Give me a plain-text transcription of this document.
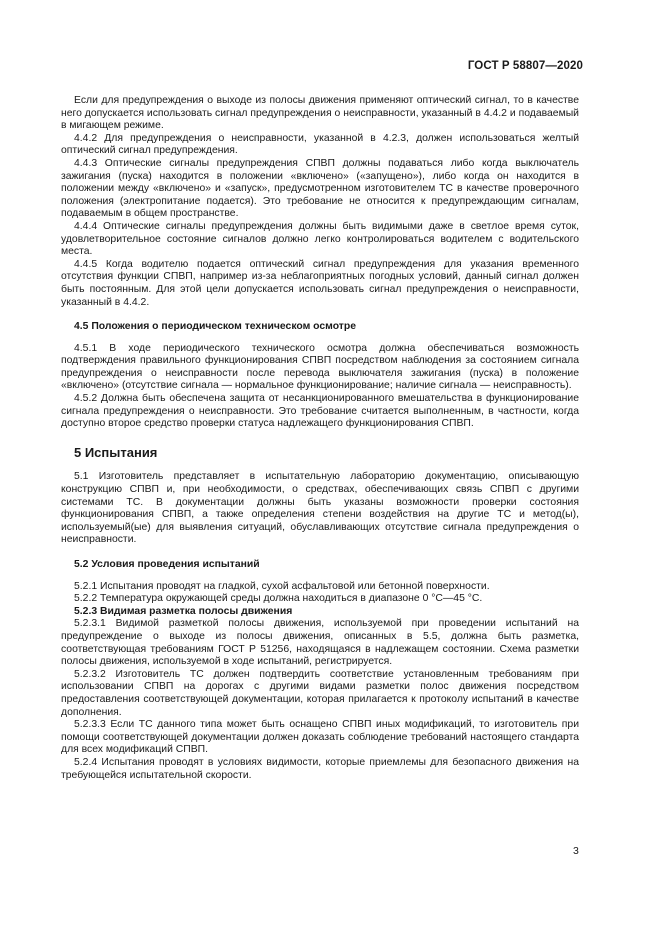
ГОСТ Р 58807—2020

Если для предупреждения о выходе из полосы движения применяют оптический сигнал, то в качестве него допускается использовать сигнал предупреждения о неисправности, указанный в 4.4.2 и подаваемый в мигающем режиме.

4.4.2 Для предупреждения о неисправности, указанной в 4.2.3, должен использоваться желтый оптический сигнал предупреждения.

4.4.3 Оптические сигналы предупреждения СПВП должны подаваться либо когда выключатель зажигания (пуска) находится в положении «включено» («запущено»), либо когда он находится в положении между «включено» и «запуск», предусмотренном изготовителем ТС в качестве проверочного положения (электропитание подается). Это требование не относится к предупреждающим сигналам, подаваемым в общем пространстве.

4.4.4 Оптические сигналы предупреждения должны быть видимыми даже в светлое время суток, удовлетворительное состояние сигналов должно легко контролироваться водителем с водительского места.

4.4.5 Когда водителю подается оптический сигнал предупреждения для указания временного отсутствия функции СПВП, например из-за неблагоприятных погодных условий, данный сигнал должен быть постоянным. Для этой цели допускается использовать сигнал предупреждения о неисправности, указанный в 4.4.2.

4.5 Положения о периодическом техническом осмотре

4.5.1 В ходе периодического технического осмотра должна обеспечиваться возможность подтверждения правильного функционирования СПВП посредством наблюдения за состоянием сигнала предупреждения о неисправности после перевода выключателя зажигания (пуска) в положение «включено» (отсутствие сигнала — нормальное функционирование; наличие сигнала — неисправность).

4.5.2 Должна быть обеспечена защита от несанкционированного вмешательства в функционирование сигнала предупреждения о неисправности. Это требование считается выполненным, в частности, когда доступно второе средство проверки статуса надлежащего функционирования СПВП.

5 Испытания

5.1 Изготовитель представляет в испытательную лабораторию документацию, описывающую конструкцию СПВП и, при необходимости, о средствах, обеспечивающих связь СПВП с другими системами ТС. В документации должны быть указаны возможности проверки состояния функционирования СПВП, а также определения степени воздействия на другие ТС и метод(ы), используемый(ые) для выявления ситуаций, обуславливающих отсутствие сигнала предупреждения о неисправности.

5.2 Условия проведения испытаний

5.2.1 Испытания проводят на гладкой, сухой асфальтовой или бетонной поверхности.

5.2.2 Температура окружающей среды должна находиться в диапазоне 0 °C—45 °C.

5.2.3 Видимая разметка полосы движения

5.2.3.1 Видимой разметкой полосы движения, используемой при проведении испытаний на предупреждение о выходе из полосы движения, описанных в 5.5, должна быть разметка, соответствующая требованиям ГОСТ Р 51256, находящаяся в надлежащем состоянии. Схема разметки полосы движения, используемой в ходе испытаний, регистрируется.

5.2.3.2 Изготовитель ТС должен подтвердить соответствие установленным требованиям при использовании СПВП на дорогах с другими видами разметки полос движения посредством предоставления соответствующей документации, которая прилагается к протоколу испытаний в качестве дополнения.

5.2.3.3 Если ТС данного типа может быть оснащено СПВП иных модификаций, то изготовитель при помощи соответствующей документации должен доказать соблюдение требований настоящего стандарта для всех модификаций СПВП.

5.2.4 Испытания проводят в условиях видимости, которые приемлемы для безопасного движения на требующейся испытательной скорости.

3
